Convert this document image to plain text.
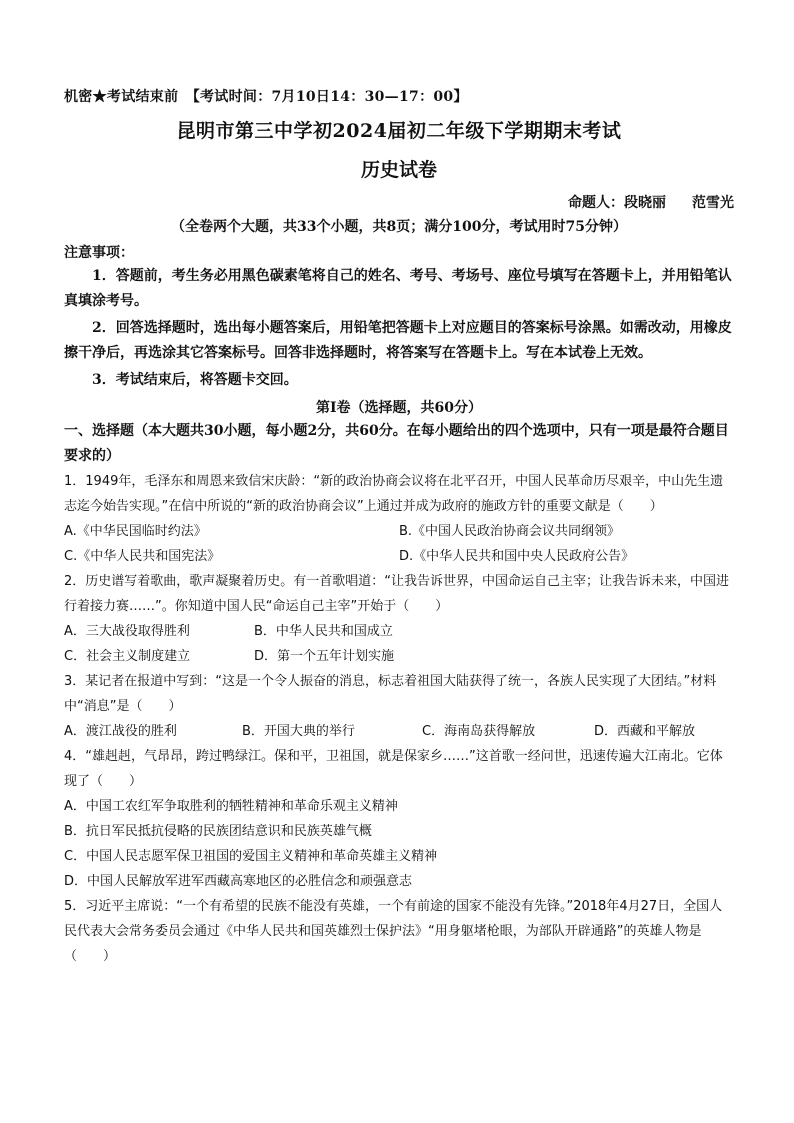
机密★考试结束前　【考试时间：7月10日14：30—17：00】
昆明市第三中学初2024届初二年级下学期期末考试
历史试卷
命题人：段晓丽 范雪光
（全卷两个大题，共33个小题，共8页；满分100分，考试用时75分钟）
注意事项：
1．答题前，考生务必用黑色碳素笔将自己的姓名、考号、考场号、座位号填写在答题卡上，并用铅笔认真填涂考号。
2．回答选择题时，选出每小题答案后，用铅笔把答题卡上对应题目的答案标号涂黑。如需改动，用橡皮擦干净后，再选涂其它答案标号。回答非选择题时，将答案写在答题卡上。写在本试卷上无效。
3．考试结束后，将答题卡交回。
第Ⅰ卷（选择题，共60分）
一、选择题（本大题共30小题，每小题2分，共60分。在每小题给出的四个选项中，只有一项是最符合题目要求的）
1．1949年，毛泽东和周恩来致信宋庆龄：“新的政治协商会议将在北平召开，中国人民革命历尽艰辛，中山先生遗志迄今始告实现。”在信中所说的“新的政治协商会议”上通过并成为政府的施政方针的重要文献是（　　）
A.《中华民国临时约法》	B.《中国人民政治协商会议共同纲领》
C.《中华人民共和国宪法》	D.《中华人民共和国中央人民政府公告》
2．历史谱写着歌曲，歌声凝聚着历史。有一首歌唱道：“让我告诉世界，中国命运自己主宰；让我告诉未来，中国进行着接力赛……”。你知道中国人民“命运自己主宰”开始于（　　）
A．三大战役取得胜利	B．中华人民共和国成立
C．社会主义制度建立	D．第一个五年计划实施
3．某记者在报道中写到：“这是一个令人振奋的消息，标志着祖国大陆获得了统一，各族人民实现了大团结。”材料中“消息”是（　　）
A．渡江战役的胜利	B．开国大典的举行	C．海南岛获得解放	D．西藏和平解放
4．“雄赳赳，气昂昂，跨过鸭绿江。保和平，卫祖国，就是保家乡……”这首歌一经问世，迅速传遍大江南北。它体现了（　　）
A．中国工农红军争取胜利的牺牲精神和革命乐观主义精神
B．抗日军民抵抗侵略的民族团结意识和民族英雄气概
C．中国人民志愿军保卫祖国的爱国主义精神和革命英雄主义精神
D．中国人民解放军进军西藏高寒地区的必胜信念和顽强意志
5．习近平主席说：“一个有希望的民族不能没有英雄，一个有前途的国家不能没有先锋。”2018年4月27日，全国人民代表大会常务委员会通过《中华人民共和国英雄烈士保护法》“用身躯堵枪眼，为部队开辟通路”的英雄人物是（　　）
